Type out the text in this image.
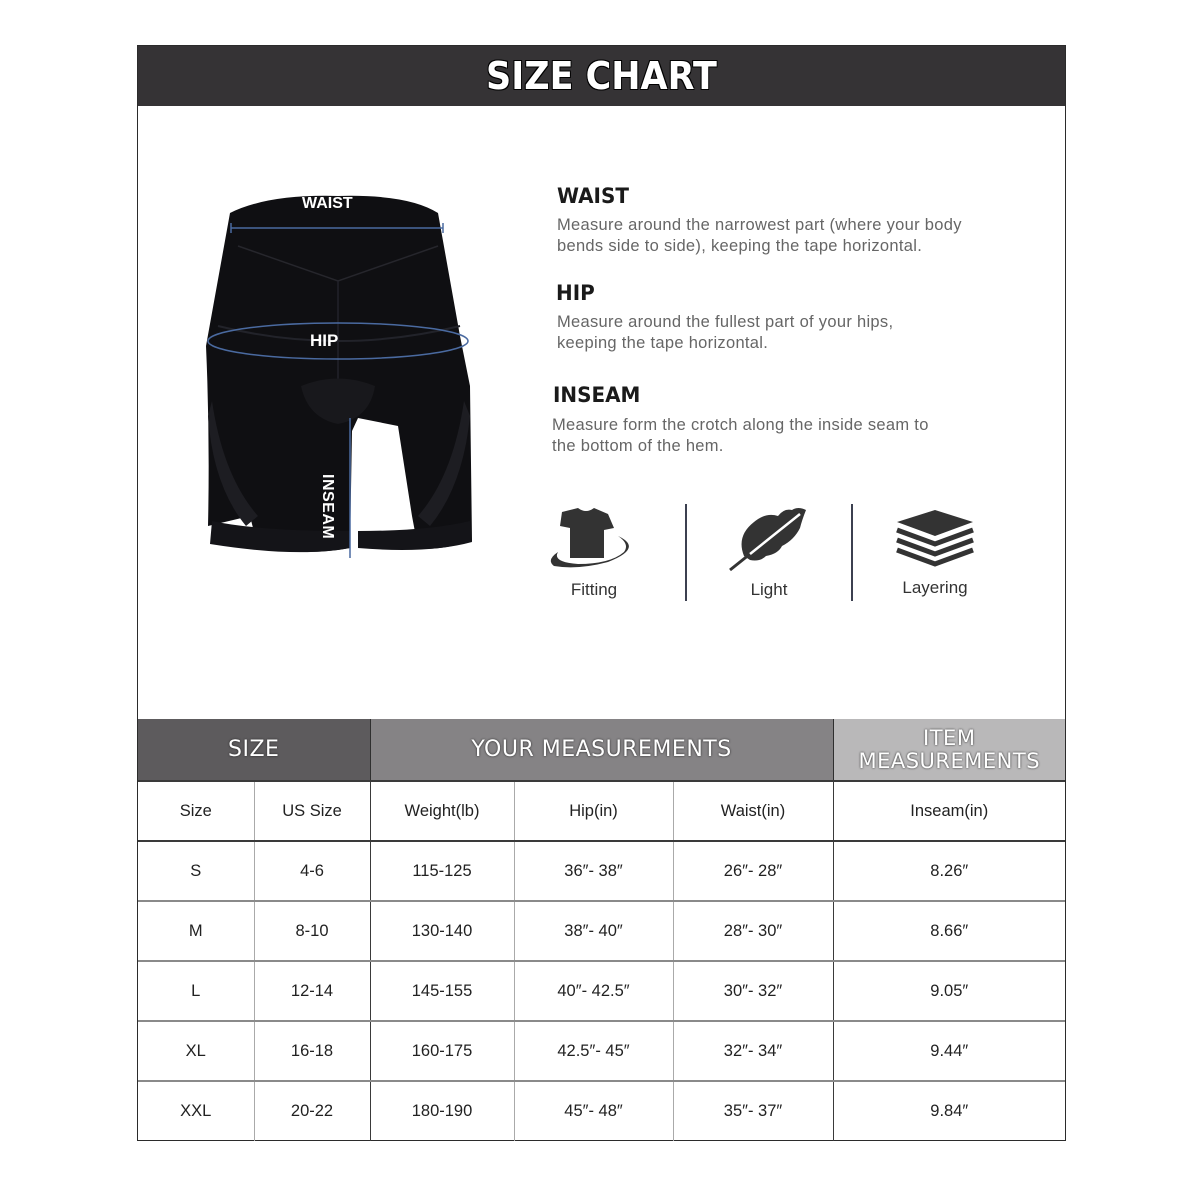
SIZE CHART
WAIST
HIP
INSEAM
WAIST

Measure around the narrowest part (where your body bends side to side), keeping the tape horizontal.

HIP

Measure around the fullest part of your hips, keeping the tape horizontal.

INSEAM

Measure form the crotch along the inside seam to the bottom of the hem.

Fitting	Light	Layering
SIZE		YOUR MEASUREMENTS			ITEM
MEASUREMENTS
Size	US Size	Weight(lb)	Hip(in)	Waist(in)	Inseam(in)
S	4-6	115-125	36″- 38″	26″- 28″	8.26″
M	8-10	130-140	38″- 40″	28″- 30″	8.66″
L	12-14	145-155	40″- 42.5″	30″- 32″	9.05″
XL	16-18	160-175	42.5″- 45″	32″- 34″	9.44″
XXL	20-22	180-190	45″- 48″	35″- 37″	9.84″
